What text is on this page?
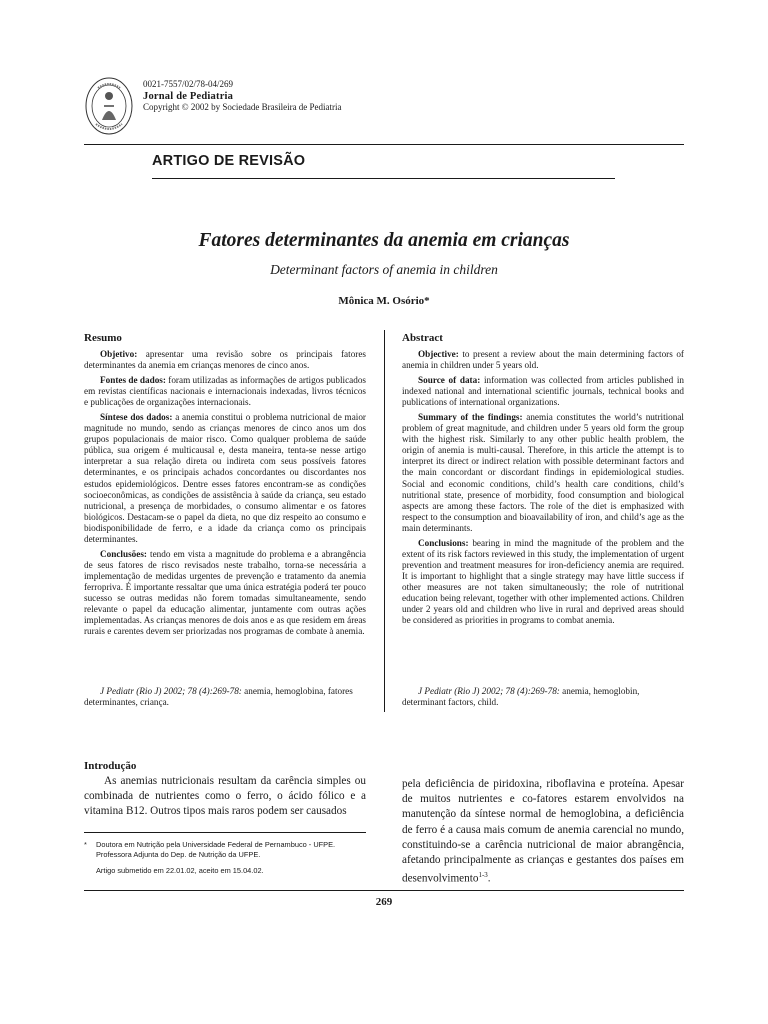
0021-7557/02/78-04/269
Jornal de Pediatria
Copyright © 2002 by Sociedade Brasileira de Pediatria
ARTIGO DE REVISÃO
Fatores determinantes da anemia em crianças
Determinant factors of anemia in children
Mônica M. Osório*
Resumo

Objetivo: apresentar uma revisão sobre os principais fatores determinantes da anemia em crianças menores de cinco anos.

Fontes de dados: foram utilizadas as informações de artigos publicados em revistas científicas nacionais e internacionais indexadas, livros técnicos e publicações de organizações internacionais.

Síntese dos dados: a anemia constitui o problema nutricional de maior magnitude no mundo, sendo as crianças menores de cinco anos um dos grupos populacionais de maior risco. Como qualquer problema de saúde pública, sua origem é multicausal e, desta maneira, tenta-se nesse artigo interpretar a sua relação direta ou indireta com seus possíveis fatores determinantes, e os principais achados concordantes ou discordantes nos estudos epidemiológicos. Dentre esses fatores encontram-se as condições socioeconômicas, as condições de assistência à saúde da criança, seu estado nutricional, a presença de morbidades, o consumo alimentar e os fatores biológicos. Destacam-se o papel da dieta, no que diz respeito ao consumo e biodisponibilidade de ferro, e a idade da criança como os principais determinantes.

Conclusões: tendo em vista a magnitude do problema e a abrangência de seus fatores de risco revisados neste trabalho, torna-se necessária a implementação de medidas urgentes de prevenção e tratamento da anemia ferropriva. É importante ressaltar que uma única estratégia poderá ter pouco sucesso se outras medidas não forem tomadas simultaneamente, sendo relevante o papel da educação alimentar, juntamente com outras ações implementadas. As crianças menores de dois anos e as que residem em áreas rurais e carentes devem ser priorizadas nos programas de combate à anemia.

J Pediatr (Rio J) 2002; 78 (4):269-78: anemia, hemoglobina, fatores determinantes, criança.

Abstract

Objective: to present a review about the main determining factors of anemia in children under 5 years old.

Source of data: information was collected from articles published in indexed national and international scientific journals, technical books and publications of international organizations.

Summary of the findings: anemia constitutes the world’s nutritional problem of great magnitude, and children under 5 years old form the group with the highest risk. Similarly to any other public health problem, the origin of anemia is multi-causal. Therefore, in this article the attempt is to interpret its direct or indirect relation with possible determinant factors and the main concordant or discordant findings in epidemiological studies. Social and economic conditions, child’s health care conditions, child’s nutritional state, presence of morbidity, food consumption and biological aspects are among these factors. The role of the diet is emphasized with respect to the consumption and bioavailability of iron, and child’s age as the main determinants.

Conclusions: bearing in mind the magnitude of the problem and the extent of its risk factors reviewed in this study, the implementation of urgent prevention and treatment measures for iron-deficiency anemia are required. It is important to highlight that a single strategy may have little success if other measures are not taken simultaneously; the role of nutritional education being relevant, together with other implemented actions. Children under 2 years old and children who live in rural and deprived areas should be considered as priorities in programs to combat anemia.

J Pediatr (Rio J) 2002; 78 (4):269-78: anemia, hemoglobin, determinant factors, child.

Introdução

As anemias nutricionais resultam da carência simples ou combinada de nutrientes como o ferro, o ácido fólico e a vitamina B12. Outros tipos mais raros podem ser causados

pela deficiência de piridoxina, riboflavina e proteína. Apesar de muitos nutrientes e co-fatores estarem envolvidos na manutenção da síntese normal de hemoglobina, a deficiência de ferro é a causa mais comum de anemia carencial no mundo, constituindo-se a carência nutricional de maior abrangência, afetando principalmente as crianças e gestantes dos países em desenvolvimento$^{1-3}$.

*	Doutora em Nutrição pela Universidade Federal de Pernambuco - UFPE.
Professora Adjunta do Dep. de Nutrição da UFPE.
Artigo submetido em 22.01.02, aceito em 15.04.02.
269
